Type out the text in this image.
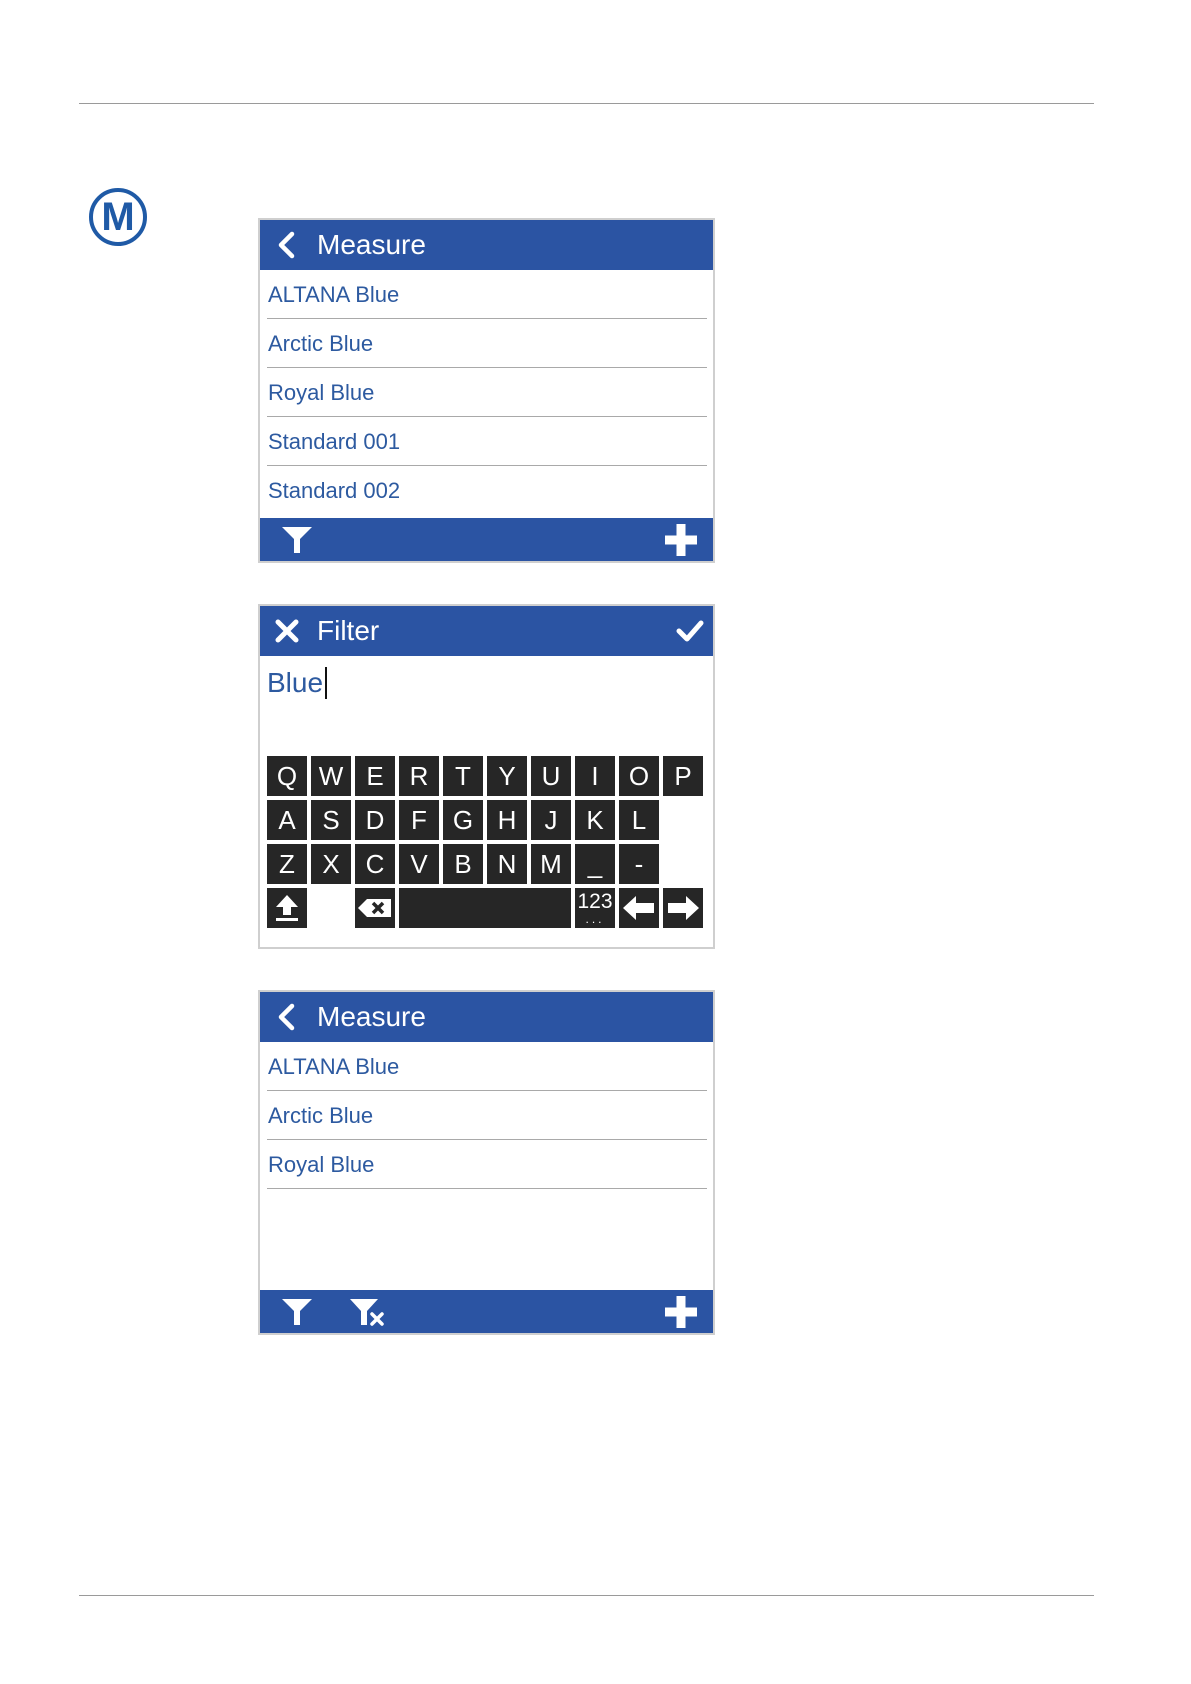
M
Measure
ALTANA Blue
Arctic Blue
Royal Blue
Standard 001
Standard 002
Filter
Blue
Q W E R	T	Y U	I	O P
A	S D	F G H	J	K	L
Z	X C V	B N M _	-
123
...
Measure
ALTANA Blue
Arctic Blue
Royal Blue
